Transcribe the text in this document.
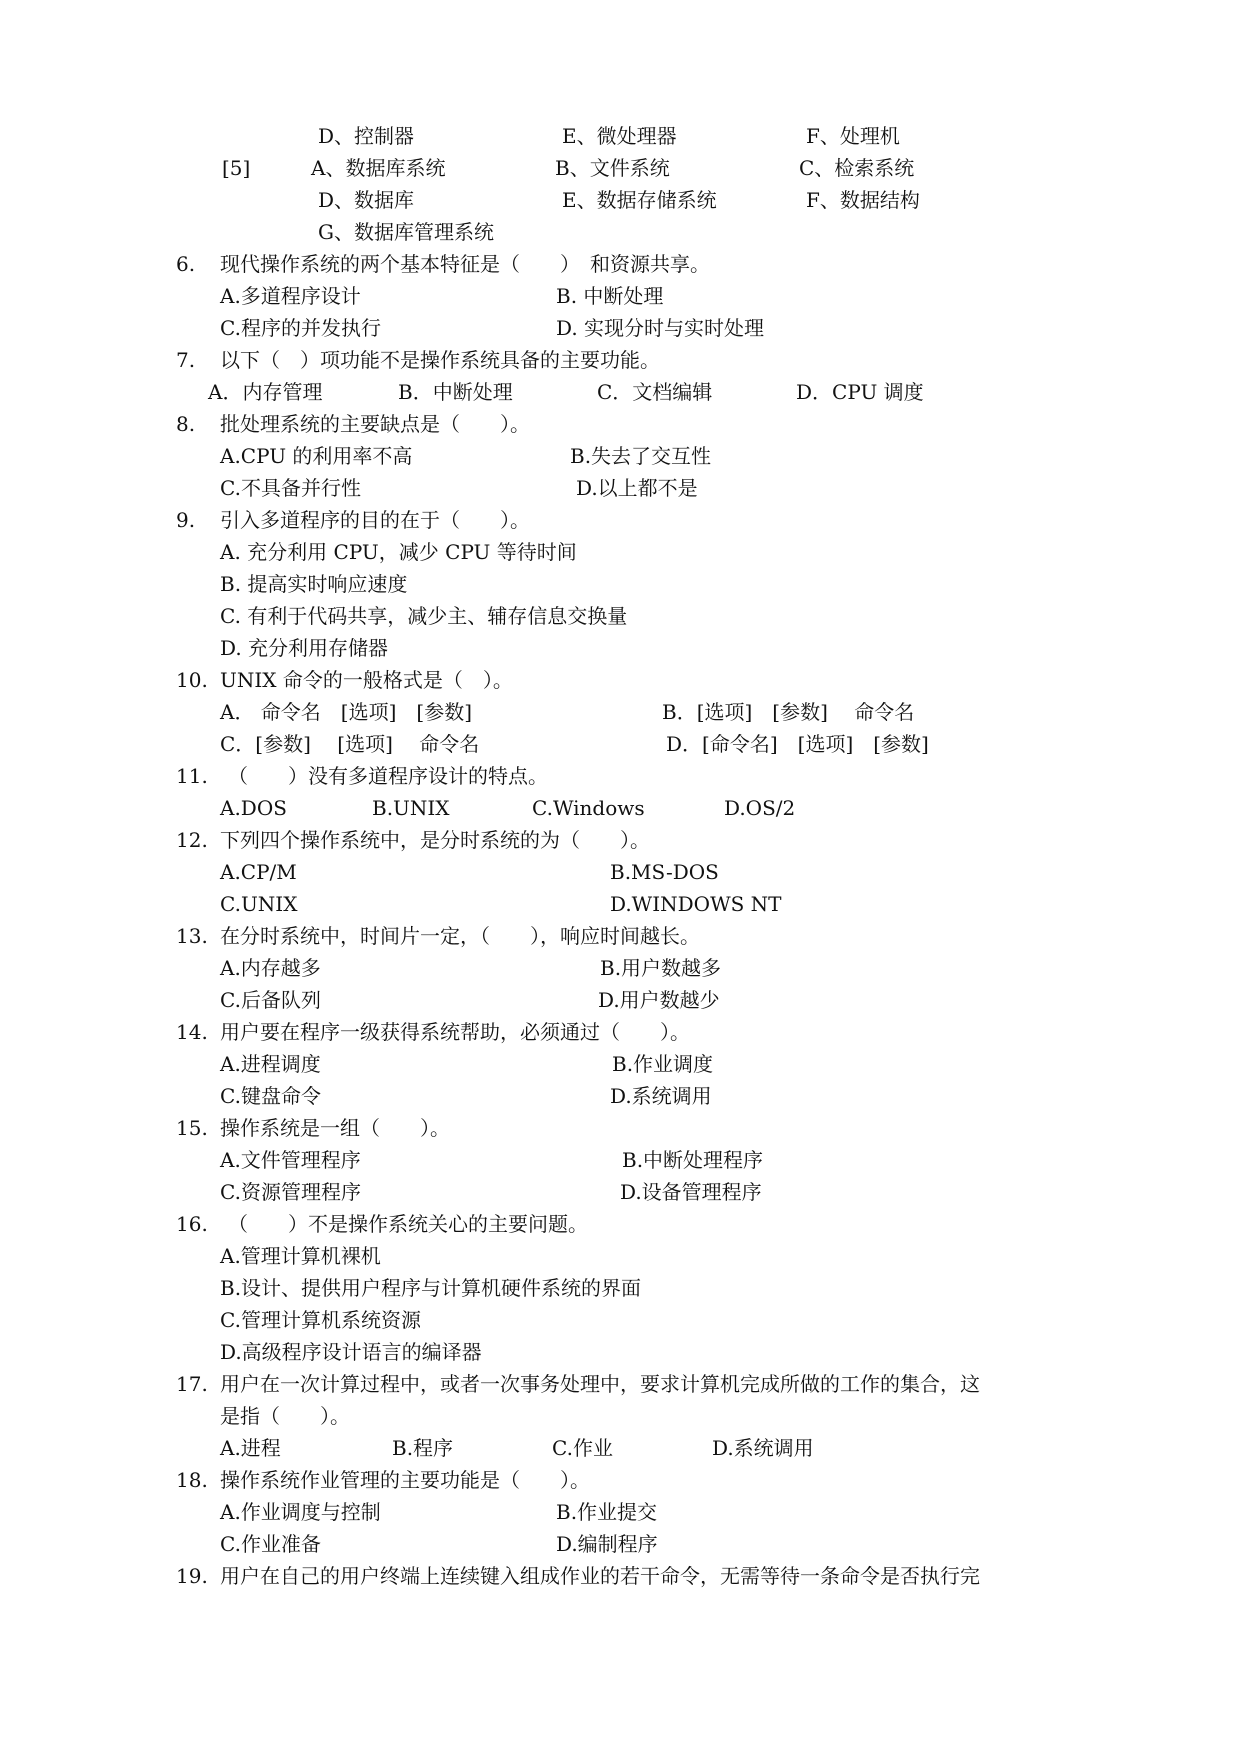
D、控制器	E、微处理器	F、处理机
[5]	A、数据库系统	B、文件系统	C、检索系统
D、数据库	E、数据存储系统	F、数据结构
G、数据库管理系统
6. 现代操作系统的两个基本特征是（　　）　和资源共享。
A.多道程序设计	B. 中断处理
C.程序的并发执行	D. 实现分时与实时处理
7. 以下（　）项功能不是操作系统具备的主要功能。
A．内存管理	B．中断处理	C．文档编辑	D．CPU 调度
8. 批处理系统的主要缺点是（　　）。
A.CPU 的利用率不高	B.失去了交互性
C.不具备并行性	D.以上都不是
9. 引入多道程序的目的在于（　　）。
A. 充分利用 CPU，减少 CPU 等待时间
B. 提高实时响应速度
C. 有利于代码共享，减少主、辅存信息交换量
D. 充分利用存储器
10. UNIX 命令的一般格式是（　）。
A． 命令名　[选项]　[参数]	B．[选项]　[参数]　 命令名
C．[参数]　 [选项]　 命令名	D．[命令名]　[选项]　[参数]
11. （　　）没有多道程序设计的特点。
A.DOS	B.UNIX	C.Windows	D.OS/2
12. 下列四个操作系统中，是分时系统的为（　　）。
A.CP/M	B.MS-DOS
C.UNIX	D.WINDOWS NT
13. 在分时系统中，时间片一定，（　　），响应时间越长。
A.内存越多	B.用户数越多
C.后备队列	D.用户数越少
14. 用户要在程序一级获得系统帮助，必须通过（　　）。
A.进程调度	B.作业调度
C.键盘命令	D.系统调用
15. 操作系统是一组（　　）。
A.文件管理程序	B.中断处理程序
C.资源管理程序	D.设备管理程序
16. （　　）不是操作系统关心的主要问题。
A.管理计算机裸机
B.设计、提供用户程序与计算机硬件系统的界面
C.管理计算机系统资源
D.高级程序设计语言的编译器
17. 用户在一次计算过程中，或者一次事务处理中，要求计算机完成所做的工作的集合，这
是指（　　）。
A.进程	B.程序	C.作业	D.系统调用
18. 操作系统作业管理的主要功能是（　　）。
A.作业调度与控制	B.作业提交
C.作业准备	D.编制程序
19. 用户在自己的用户终端上连续键入组成作业的若干命令，无需等待一条命令是否执行完
